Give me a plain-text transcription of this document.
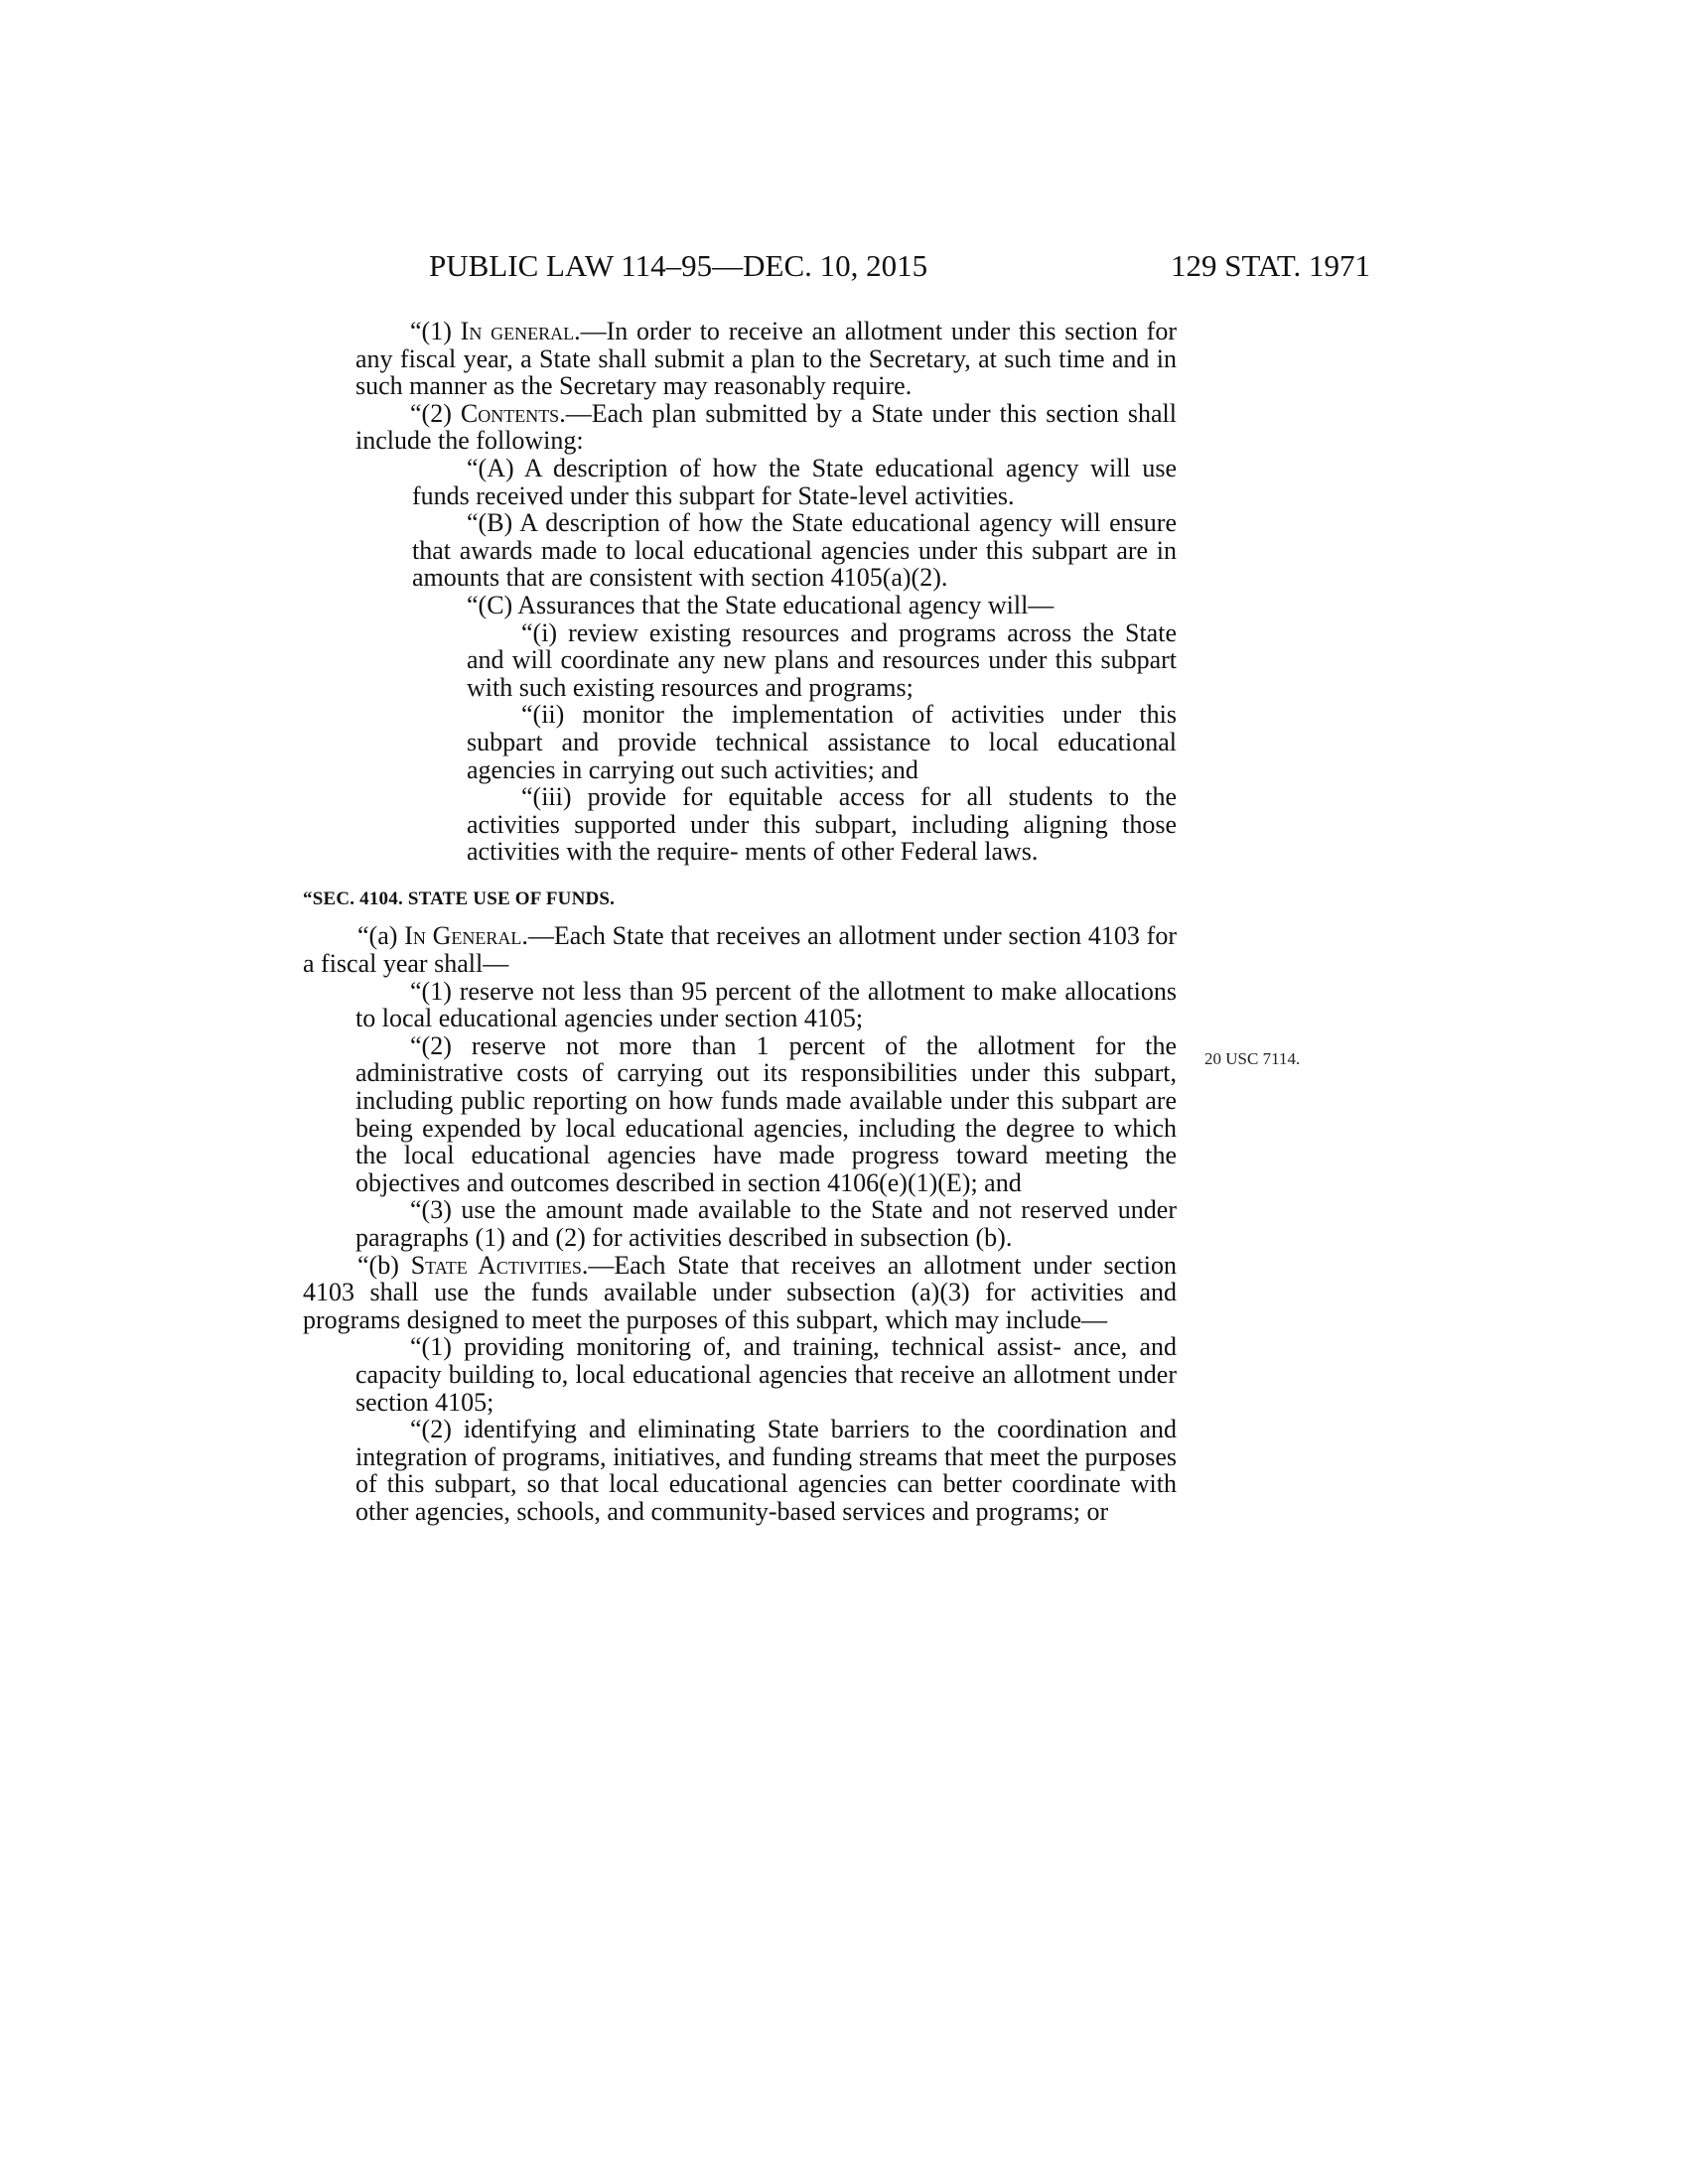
PUBLIC LAW 114–95—DEC. 10, 2015	129 STAT. 1971

“(1) In general.—In order to receive an allotment under this section for any fiscal year, a State shall submit a plan to the Secretary, at such time and in such manner as the Secretary may reasonably require.

“(2) Contents.—Each plan submitted by a State under this section shall include the following:

“(A) A description of how the State educational agency will use funds received under this subpart for State-level activities.

“(B) A description of how the State educational agency will ensure that awards made to local educational agencies under this subpart are in amounts that are consistent with section 4105(a)(2).

“(C) Assurances that the State educational agency will—

“(i) review existing resources and programs across the State and will coordinate any new plans and resources under this subpart with such existing resources and programs;

“(ii) monitor the implementation of activities under this subpart and provide technical assistance to local educational agencies in carrying out such activities; and

“(iii) provide for equitable access for all students to the activities supported under this subpart, including aligning those activities with the require- ments of other Federal laws.

“SEC. 4104. STATE USE OF FUNDS.

“(a) In General.—Each State that receives an allotment under section 4103 for a fiscal year shall—

“(1) reserve not less than 95 percent of the allotment to make allocations to local educational agencies under section 4105;

“(2) reserve not more than 1 percent of the allotment for the administrative costs of carrying out its responsibilities under this subpart, including public reporting on how funds made available under this subpart are being expended by local educational agencies, including the degree to which the local educational agencies have made progress toward meeting the objectives and outcomes described in section 4106(e)(1)(E); and

“(3) use the amount made available to the State and not reserved under paragraphs (1) and (2) for activities described in subsection (b).

“(b) State Activities.—Each State that receives an allotment under section 4103 shall use the funds available under subsection (a)(3) for activities and programs designed to meet the purposes of this subpart, which may include—

“(1) providing monitoring of, and training, technical assist- ance, and capacity building to, local educational agencies that receive an allotment under section 4105;

“(2) identifying and eliminating State barriers to the coordination and integration of programs, initiatives, and funding streams that meet the purposes of this subpart, so that local educational agencies can better coordinate with other agencies, schools, and community-based services and programs; or

20 USC 7114.
